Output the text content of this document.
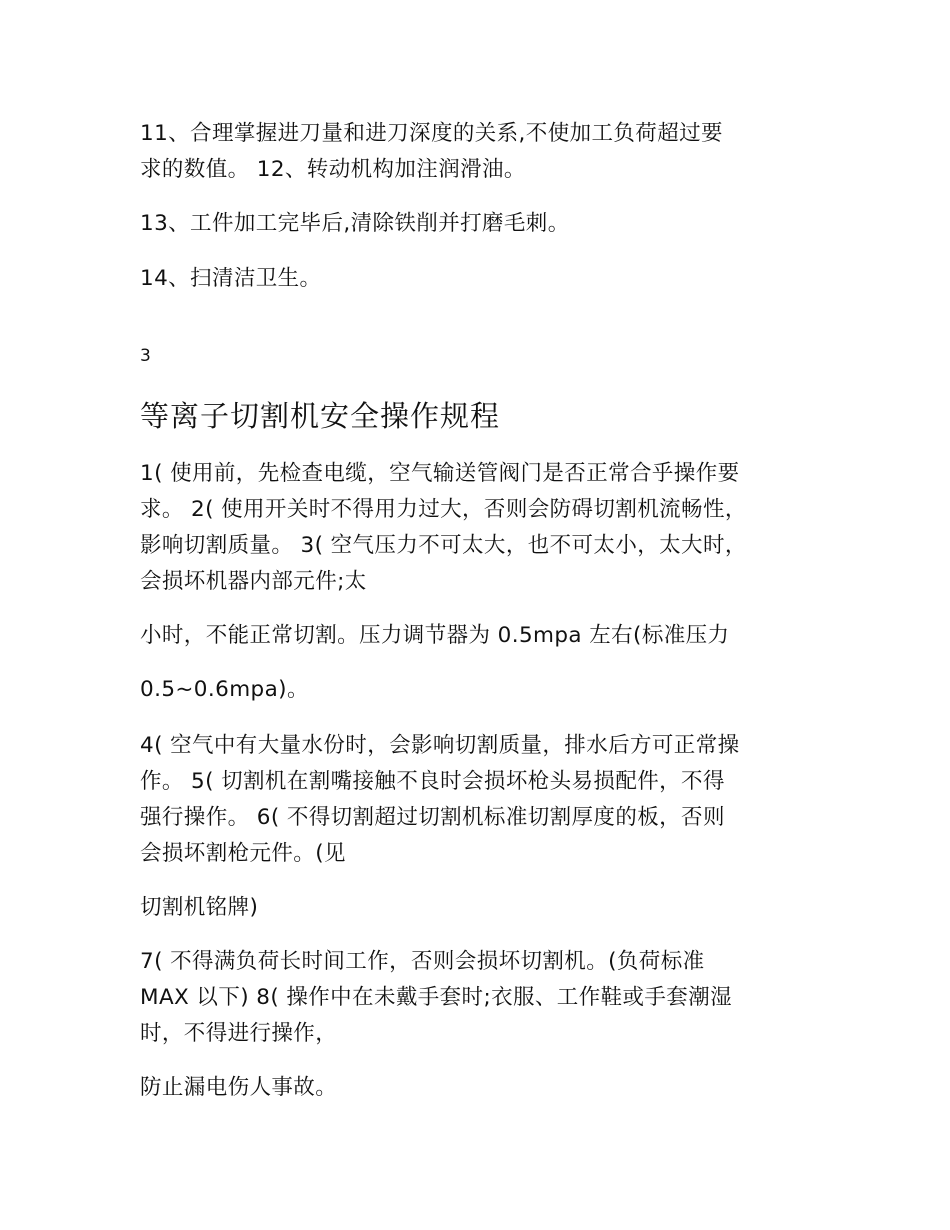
11、合理掌握进刀量和进刀深度的关系,不使加工负荷超过要
求的数值。 12、转动机构加注润滑油。
13、工件加工完毕后,清除铁削并打磨毛刺。
14、扫清洁卫生。
3
等离子切割机安全操作规程
1( 使用前，先检查电缆，空气输送管阀门是否正常合乎操作要
求。 2( 使用开关时不得用力过大，否则会防碍切割机流畅性，
影响切割质量。 3( 空气压力不可太大，也不可太小，太大时，
会损坏机器内部元件;太
小时，不能正常切割。压力调节器为 0.5mpa 左右(标准压力
0.5~0.6mpa)。
4( 空气中有大量水份时，会影响切割质量，排水后方可正常操
作。 5( 切割机在割嘴接触不良时会损坏枪头易损配件，不得
强行操作。 6( 不得切割超过切割机标准切割厚度的板，否则
会损坏割枪元件。(见
切割机铭牌)
7( 不得满负荷长时间工作，否则会损坏切割机。(负荷标准
MAX 以下) 8( 操作中在未戴手套时;衣服、工作鞋或手套潮湿
时，不得进行操作，
防止漏电伤人事故。
